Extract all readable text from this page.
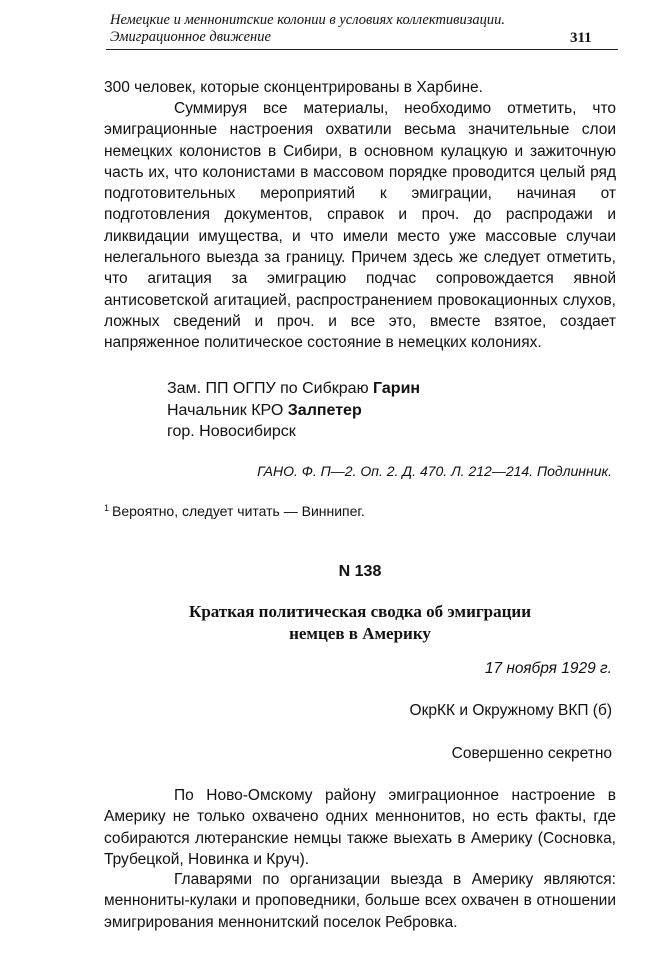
Немецкие и меннонитские колонии в условиях коллективизации. Эмиграционное движение	311

300 человек, которые сконцентрированы в Харбине.

Суммируя все материалы, необходимо отметить, что эмиграционные настроения охватили весьма значительные слои немецких колонистов в Сибири, в основном кулацкую и зажиточную часть их, что колонистами в массовом порядке проводится целый ряд подготовительных мероприятий к эмиграции, начиная от подготовления документов, справок и проч. до распродажи и ликвидации имущества, и что имели место уже массовые случаи нелегального выезда за границу. Причем здесь же следует отметить, что агитация за эмиграцию подчас сопровождается явной антисоветской агитацией, распространением провокационных слухов, ложных сведений и проч. и все это, вместе взятое, создает напряженное политическое состояние в немецких колониях.

Зам. ПП ОГПУ по Сибкраю Гарин
Начальник КРО Залпетер
гор. Новосибирск

ГАНО. Ф. П—2. Оп. 2. Д. 470. Л. 212—214. Подлинник.

$^1$ Вероятно, следует читать — Виннипег.

N 138

Краткая политическая сводка об эмиграции
немцев в Америку

17 ноября 1929 г.

ОкрКК и Окружному ВКП (б)

Совершенно секретно

По Ново-Омскому району эмиграционное настроение в Америку не только охвачено одних меннонитов, но есть факты, где собираются лютеранские немцы также выехать в Америку (Сосновка, Трубецкой, Новинка и Круч).

Главарями по организации выезда в Америку являются: меннониты-кулаки и проповедники, больше всех охвачен в отношении эмигрирования меннонитский поселок Ребровка.
